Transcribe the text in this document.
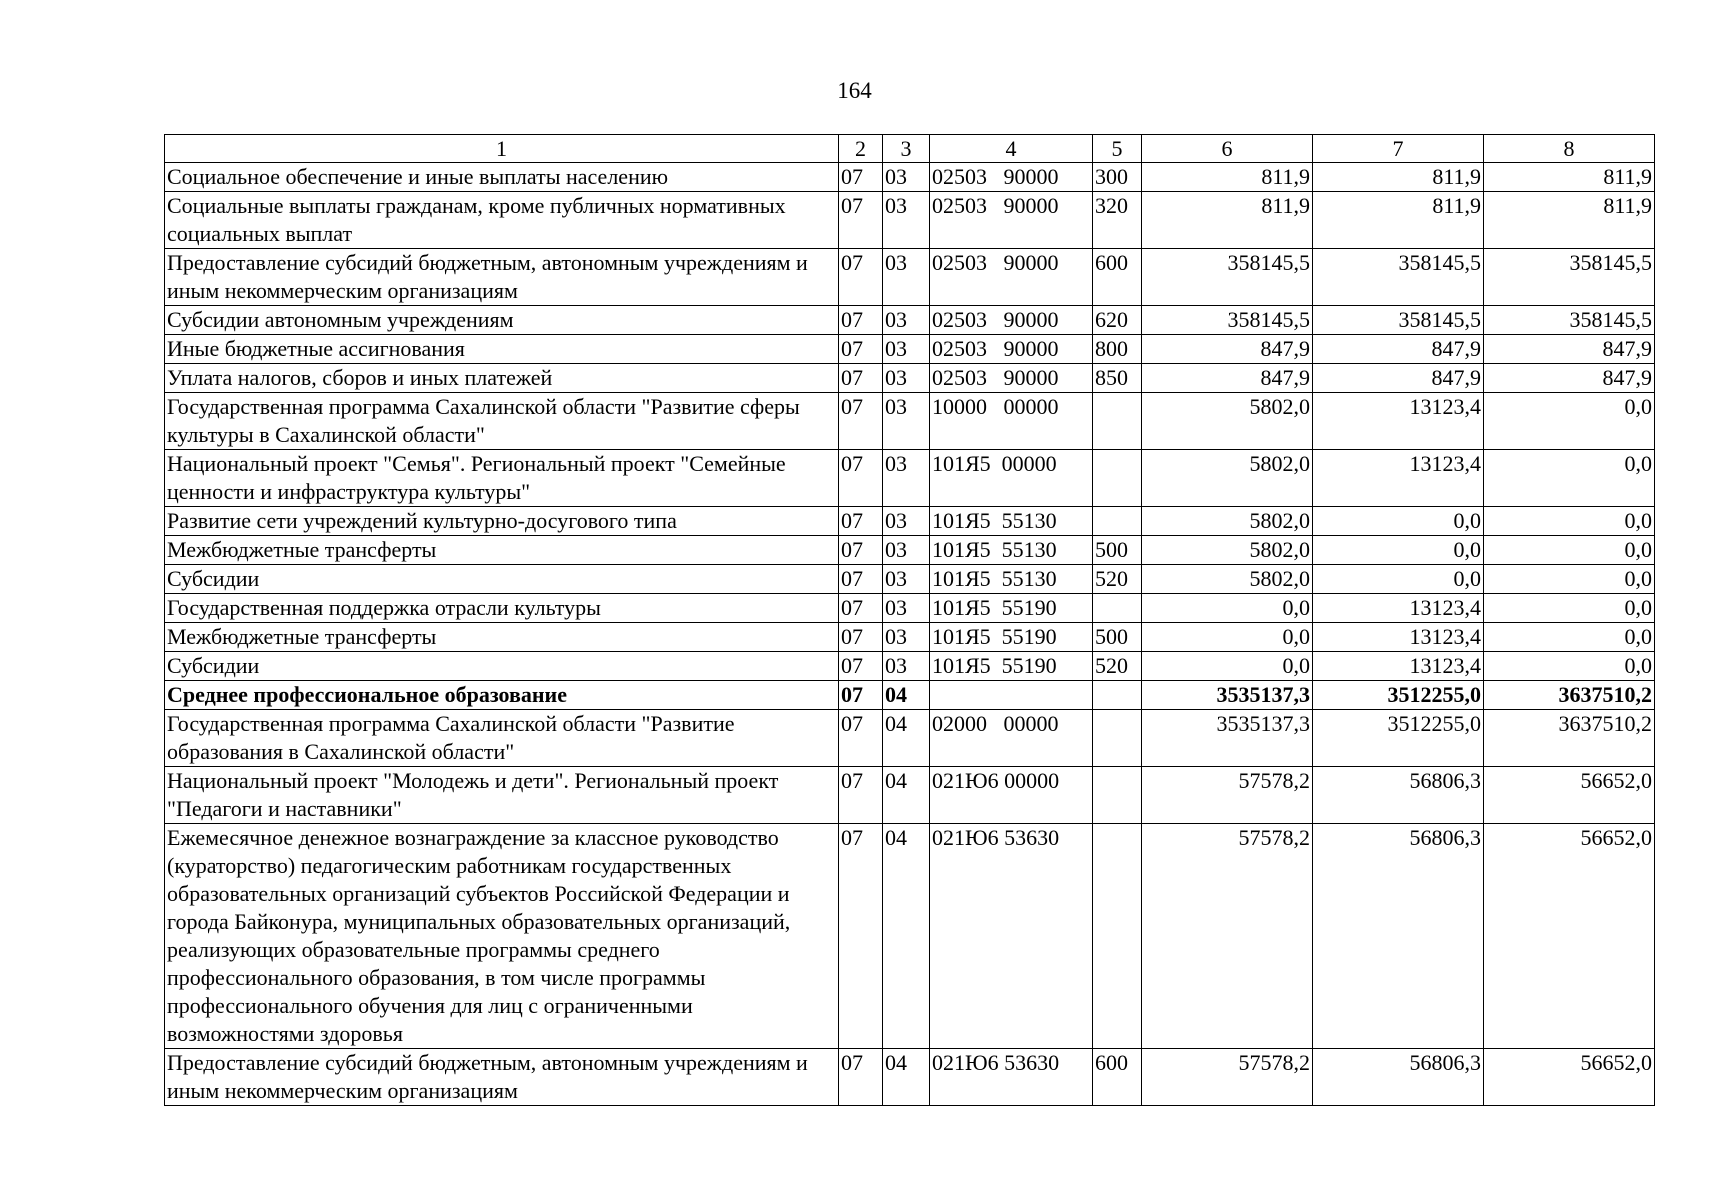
164
1	2	3	4	5	6	7	8
Социальное обеспечение и иные выплаты населению	07	03	02503   90000	300	811,9	811,9	811,9
Социальные выплаты гражданам, кроме публичных нормативных социальных выплат	07	03	02503   90000	320	811,9	811,9	811,9
Предоставление субсидий бюджетным, автономным учреждениям и иным некоммерческим организациям	07	03	02503   90000	600	358145,5	358145,5	358145,5
Субсидии автономным учреждениям	07	03	02503   90000	620	358145,5	358145,5	358145,5
Иные бюджетные ассигнования	07	03	02503   90000	800	847,9	847,9	847,9
Уплата налогов, сборов и иных платежей	07	03	02503   90000	850	847,9	847,9	847,9
Государственная программа Сахалинской области "Развитие сферы культуры в Сахалинской области"	07	03	10000   00000		5802,0	13123,4	0,0
Национальный проект "Семья". Региональный проект "Семейные ценности и инфраструктура культуры"	07	03	101Я5  00000		5802,0	13123,4	0,0
Развитие сети учреждений культурно-досугового типа	07	03	101Я5  55130		5802,0	0,0	0,0
Межбюджетные трансферты	07	03	101Я5  55130	500	5802,0	0,0	0,0
Субсидии	07	03	101Я5  55130	520	5802,0	0,0	0,0
Государственная поддержка отрасли культуры	07	03	101Я5  55190		0,0	13123,4	0,0
Межбюджетные трансферты	07	03	101Я5  55190	500	0,0	13123,4	0,0
Субсидии	07	03	101Я5  55190	520	0,0	13123,4	0,0
Среднее профессиональное образование	07	04			3535137,3	3512255,0	3637510,2
Государственная программа Сахалинской области "Развитие образования в Сахалинской области"	07	04	02000   00000		3535137,3	3512255,0	3637510,2
Национальный проект "Молодежь и дети". Региональный проект "Педагоги и наставники"	07	04	021Ю6 00000		57578,2	56806,3	56652,0
Ежемесячное денежное вознаграждение за классное руководство (кураторство) педагогическим работникам государственных образовательных организаций субъектов Российской Федерации и города Байконура, муниципальных образовательных организаций, реализующих образовательные программы среднего профессионального образования, в том числе программы профессионального обучения для лиц с ограниченными возможностями здоровья	07	04	021Ю6 53630		57578,2	56806,3	56652,0
Предоставление субсидий бюджетным, автономным учреждениям и иным некоммерческим организациям	07	04	021Ю6 53630	600	57578,2	56806,3	56652,0
